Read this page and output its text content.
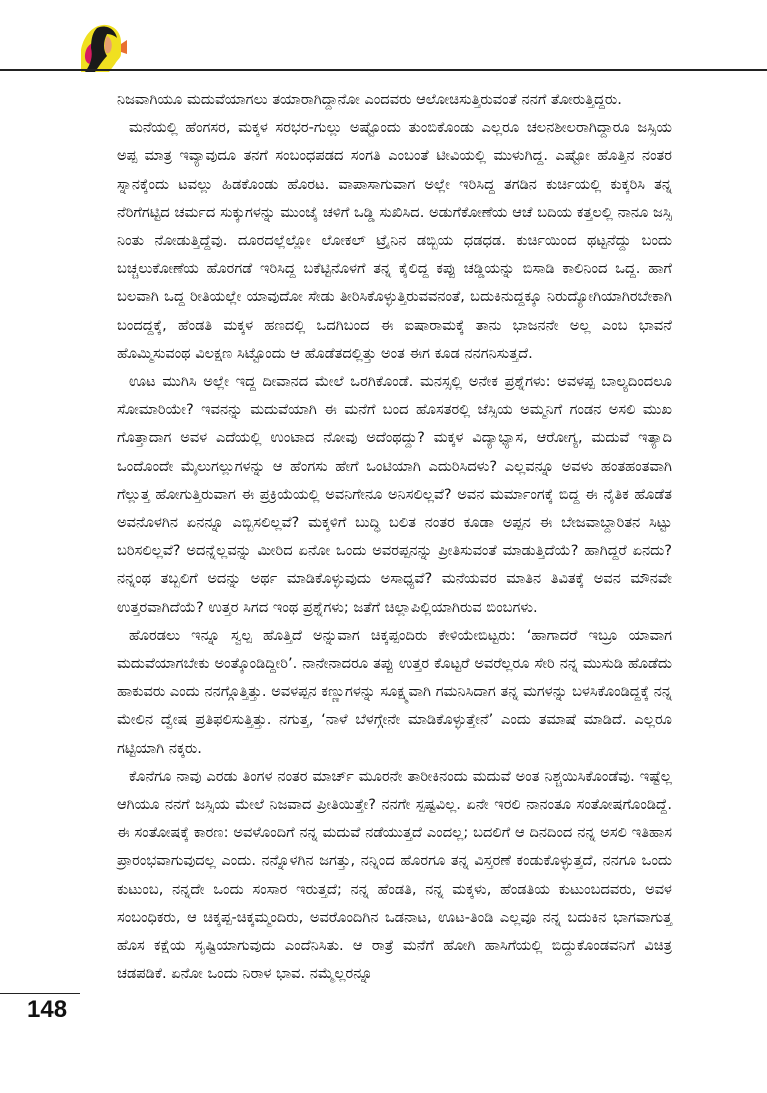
ನಿಜವಾಗಿಯೂ ಮದುವೆಯಾಗಲು ತಯಾರಾಗಿದ್ದಾನೋ ಎಂದವರು ಆಲೋಚಿಸುತ್ತಿರುವಂತೆ ನನಗೆ ತೋರುತ್ತಿದ್ದರು.

ಮನೆಯಲ್ಲಿ ಹೆಂಗಸರ, ಮಕ್ಕಳ ಸರಭರ-ಗುಲ್ಲು ಅಷ್ಟೊಂದು ತುಂಬಿಕೊಂಡು ಎಲ್ಲರೂ ಚಲನಶೀಲರಾಗಿದ್ದಾರೂ ಜಸ್ಸಿಯ ಅಪ್ಪ ಮಾತ್ರ ಇವ್ಯಾವುದೂ ತನಗೆ ಸಂಬಂಧಪಡದ ಸಂಗತಿ ಎಂಬಂತೆ ಟೀವಿಯಲ್ಲಿ ಮುಳುಗಿದ್ದ. ಎಷ್ಟೋ ಹೊತ್ತಿನ ನಂತರ ಸ್ನಾನಕ್ಕೆಂದು ಟವಲ್ಲು ಹಿಡಕೊಂಡು ಹೊರಟ. ವಾಪಾಸಾಗುವಾಗ ಅಲ್ಲೇ ಇರಿಸಿದ್ದ ತಗಡಿನ ಕುರ್ಚಿಯಲ್ಲಿ ಕುಕ್ಕರಿಸಿ ತನ್ನ ನೆರಿಗೆಗಟ್ಟಿದ ಚರ್ಮದ ಸುಕ್ಕುಗಳನ್ನು ಮುಂಜೈ ಚಳಿಗೆ ಒಡ್ಡಿ ಸುಖಿಸಿದ. ಅಡುಗೆಕೋಣೆಯ ಆಚೆ ಬದಿಯ ಕತ್ತಲಲ್ಲಿ ನಾನೂ ಜಸ್ಸಿ ನಿಂತು ನೋಡುತ್ತಿದ್ದೆವು. ದೂರದಲ್ಲೆಲ್ಲೋ ಲೋಕಲ್ ಟ್ರೈನಿನ ಡಬ್ಬಿಯ ಧಡಧಡ. ಕುರ್ಚಿಯಿಂದ ಥಟ್ಟನೆದ್ದು ಬಂದು ಬಚ್ಚಲುಕೋಣೆಯ ಹೊರಗಡೆ ಇರಿಸಿದ್ದ ಬಕೆಟ್ಟಿನೊಳಗೆ ತನ್ನ ಕೈಲಿದ್ದ ಕಪ್ಪು ಚಡ್ಡಿಯನ್ನು ಬಿಸಾಡಿ ಕಾಲಿನಿಂದ ಒದ್ದ. ಹಾಗೆ ಬಲವಾಗಿ ಒದ್ದ ರೀತಿಯಲ್ಲೇ ಯಾವುದೋ ಸೇಡು ತೀರಿಸಿಕೊಳ್ಳುತ್ತಿರುವವನಂತೆ, ಬದುಕಿನುದ್ದಕ್ಕೂ ನಿರುದ್ಯೋಗಿಯಾಗಿರಬೇಕಾಗಿ ಬಂದದ್ದಕ್ಕೆ, ಹೆಂಡತಿ ಮಕ್ಕಳ ಹಣದಲ್ಲಿ ಒದಗಿಬಂದ ಈ ಐಷಾರಾಮಕ್ಕೆ ತಾನು ಭಾಜನನೇ ಅಲ್ಲ ಎಂಬ ಭಾವನೆ ಹೊಮ್ಮಿಸುವಂಥ ವಿಲಕ್ಷಣ ಸಿಟ್ಟೊಂದು ಆ ಹೊಡೆತದಲ್ಲಿತ್ತು ಅಂತ ಈಗ ಕೂಡ ನನಗನಿಸುತ್ತದೆ.

ಊಟ ಮುಗಿಸಿ ಅಲ್ಲೇ ಇದ್ದ ದೀವಾನದ ಮೇಲೆ ಒರಗಿಕೊಂಡೆ. ಮನಸ್ಸಲ್ಲಿ ಅನೇಕ ಪ್ರಶ್ನೆಗಳು: ಅವಳಪ್ಪ ಬಾಲ್ಯದಿಂದಲೂ ಸೋಮಾರಿಯೇ? ಇವನನ್ನು ಮದುವೆಯಾಗಿ ಈ ಮನೆಗೆ ಬಂದ ಹೊಸತರಲ್ಲಿ ಜೆಸ್ಸಿಯ ಅಮ್ಮನಿಗೆ ಗಂಡನ ಅಸಲಿ ಮುಖ ಗೊತ್ತಾದಾಗ ಅವಳ ಎದೆಯಲ್ಲಿ ಉಂಟಾದ ನೋವು ಅದೆಂಥದ್ದು? ಮಕ್ಕಳ ವಿದ್ಯಾಭ್ಯಾಸ, ಆರೋಗ್ಯ, ಮದುವೆ ಇತ್ಯಾದಿ ಒಂದೊಂದೇ ಮೈಲುಗಲ್ಲುಗಳನ್ನು ಆ ಹೆಂಗಸು ಹೇಗೆ ಒಂಟಿಯಾಗಿ ಎದುರಿಸಿದಳು? ಎಲ್ಲವನ್ನೂ ಅವಳು ಹಂತಹಂತವಾಗಿ ಗೆಲ್ಲುತ್ತ ಹೋಗುತ್ತಿರುವಾಗ ಈ ಪ್ರಕ್ರಿಯೆಯಲ್ಲಿ ಅವನಿಗೇನೂ ಅನಿಸಲಿಲ್ಲವೆ? ಅವನ ಮರ್ಮಾಂಗಕ್ಕೆ ಬಿದ್ದ ಈ ನೈತಿಕ ಹೊಡೆತ ಅವನೊಳಗಿನ ಏನನ್ನೂ ಎಬ್ಬಿಸಲಿಲ್ಲವೆ? ಮಕ್ಕಳಿಗೆ ಬುದ್ಧಿ ಬಲಿತ ನಂತರ ಕೂಡಾ ಅಪ್ಪನ ಈ ಬೇಜವಾಬ್ದಾರಿತನ ಸಿಟ್ಟು ಬರಿಸಲಿಲ್ಲವೆ? ಅದನ್ನೆಲ್ಲವನ್ನು ಮೀರಿದ ಏನೋ ಒಂದು ಅವರಪ್ಪನನ್ನು ಪ್ರೀತಿಸುವಂತೆ ಮಾಡುತ್ತಿದೆಯೆ? ಹಾಗಿದ್ದರೆ ಏನದು? ನನ್ನಂಥ ತಬ್ಬಲಿಗೆ ಅದನ್ನು ಅರ್ಥ ಮಾಡಿಕೊಳ್ಳುವುದು ಅಸಾಧ್ಯವೆ? ಮನೆಯವರ ಮಾತಿನ ತಿವಿತಕ್ಕೆ ಅವನ ಮೌನವೇ ಉತ್ತರವಾಗಿದೆಯೆ? ಉತ್ತರ ಸಿಗದ ಇಂಥ ಪ್ರಶ್ನೆಗಳು; ಜತೆಗೆ ಚಿಲ್ಲಾಪಿಲ್ಲಿಯಾಗಿರುವ ಬಿಂಬಗಳು.

ಹೊರಡಲು ಇನ್ನೂ ಸ್ವಲ್ಪ ಹೊತ್ತಿದೆ ಅನ್ನುವಾಗ ಚಿಕ್ಕಪ್ಪಂದಿರು ಕೇಳಿಯೇಬಿಟ್ಟರು: ‘ಹಾಗಾದರೆ ಇಬ್ರೂ ಯಾವಾಗ ಮದುವೆಯಾಗಬೇಕು ಅಂತ್ಕೊಂಡಿದ್ದೀರಿ’. ನಾನೇನಾದರೂ ತಪ್ಪು ಉತ್ತರ ಕೊಟ್ಟರೆ ಅವರೆಲ್ಲರೂ ಸೇರಿ ನನ್ನ ಮುಸುಡಿ ಹೊಡೆದು ಹಾಕುವರು ಎಂದು ನನಗ್ಗೊತ್ತಿತ್ತು. ಅವಳಪ್ಪನ ಕಣ್ಣುಗಳನ್ನು ಸೂಕ್ಷ್ಮವಾಗಿ ಗಮನಿಸಿದಾಗ ತನ್ನ ಮಗಳನ್ನು ಬಳಸಿಕೊಂಡಿದ್ದಕ್ಕೆ ನನ್ನ ಮೇಲಿನ ದ್ವೇಷ ಪ್ರತಿಫಲಿಸುತ್ತಿತ್ತು. ನಗುತ್ತ, ‘ನಾಳೆ ಬೆಳಗ್ಗೇನೇ ಮಾಡಿಕೊಳ್ಳುತ್ತೇನೆ’ ಎಂದು ತಮಾಷೆ ಮಾಡಿದೆ. ಎಲ್ಲರೂ ಗಟ್ಟಿಯಾಗಿ ನಕ್ಕರು.

ಕೊನೆಗೂ ನಾವು ಎರಡು ತಿಂಗಳ ನಂತರ ಮಾರ್ಚ್ ಮೂರನೇ ತಾರೀಕಿನಂದು ಮದುವೆ ಅಂತ ನಿಶ್ಚಯಿಸಿಕೊಂಡೆವು. ಇಷ್ಟೆಲ್ಲ ಆಗಿಯೂ ನನಗೆ ಜಸ್ಸಿಯ ಮೇಲೆ ನಿಜವಾದ ಪ್ರೀತಿಯಿತ್ತೇ? ನನಗೇ ಸ್ಪಷ್ಟವಿಲ್ಲ. ಏನೇ ಇರಲಿ ನಾನಂತೂ ಸಂತೋಷಗೊಂಡಿದ್ದೆ. ಈ ಸಂತೋಷಕ್ಕೆ ಕಾರಣ: ಅವಳೊಂದಿಗೆ ನನ್ನ ಮದುವೆ ನಡೆಯುತ್ತದೆ ಎಂದಲ್ಲ; ಬದಲಿಗೆ ಆ ದಿನದಿಂದ ನನ್ನ ಅಸಲಿ ಇತಿಹಾಸ ಪ್ರಾರಂಭವಾಗುವುದಲ್ಲ ಎಂದು. ನನ್ನೊಳಗಿನ ಜಗತ್ತು, ನನ್ನಿಂದ ಹೊರಗೂ ತನ್ನ ವಿಸ್ತರಣೆ ಕಂಡುಕೊಳ್ಳುತ್ತದೆ, ನನಗೂ ಒಂದು ಕುಟುಂಬ, ನನ್ನದೇ ಒಂದು ಸಂಸಾರ ಇರುತ್ತದೆ; ನನ್ನ ಹೆಂಡತಿ, ನನ್ನ ಮಕ್ಕಳು, ಹೆಂಡತಿಯ ಕುಟುಂಬದವರು, ಅವಳ ಸಂಬಂಧಿಕರು, ಆ ಚಿಕ್ಕಪ್ಪ-ಚಿಕ್ಕಮ್ಮಂದಿರು, ಅವರೊಂದಿಗಿನ ಒಡನಾಟ, ಊಟ-ತಿಂಡಿ ಎಲ್ಲವೂ ನನ್ನ ಬದುಕಿನ ಭಾಗವಾಗುತ್ತ ಹೊಸ ಕಕ್ಷೆಯ ಸೃಷ್ಟಿಯಾಗುವುದು ಎಂದೆನಿಸಿತು. ಆ ರಾತ್ರೆ ಮನೆಗೆ ಹೋಗಿ ಹಾಸಿಗೆಯಲ್ಲಿ ಬಿದ್ದುಕೊಂಡವನಿಗೆ ವಿಚಿತ್ರ ಚಡಪಡಿಕೆ. ಏನೋ ಒಂದು ನಿರಾಳ ಭಾವ. ನಮ್ಮೆಲ್ಲರನ್ನೂ

148
